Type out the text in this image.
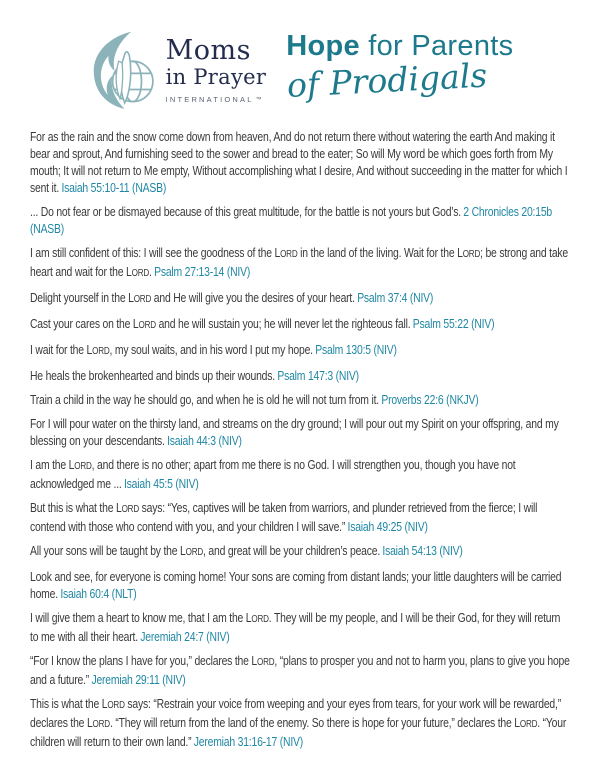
Moms
in Prayer
INTERNATIONAL ™
Hope for Parents
of Prodigals

For as the rain and the snow come down from heaven, And do not return there without watering the earth And making it bear and sprout, And furnishing seed to the sower and bread to the eater; So will My word be which goes forth from My mouth; It will not return to Me empty, Without accomplishing what I desire, And without succeeding in the matter for which I sent it. Isaiah 55:10-11 (NASB)

... Do not fear or be dismayed because of this great multitude, for the battle is not yours but God’s. 2 Chronicles 20:15b (NASB)

I am still confident of this: I will see the goodness of the LORD in the land of the living. Wait for the LORD; be strong and take heart and wait for the LORD. Psalm 27:13-14 (NIV)

Delight yourself in the LORD and He will give you the desires of your heart. Psalm 37:4 (NIV)

Cast your cares on the LORD and he will sustain you; he will never let the righteous fall. Psalm 55:22 (NIV)

I wait for the LORD, my soul waits, and in his word I put my hope. Psalm 130:5 (NIV)

He heals the brokenhearted and binds up their wounds. Psalm 147:3 (NIV)

Train a child in the way he should go, and when he is old he will not turn from it. Proverbs 22:6 (NKJV)

For I will pour water on the thirsty land, and streams on the dry ground; I will pour out my Spirit on your offspring, and my blessing on your descendants. Isaiah 44:3 (NIV)

I am the LORD, and there is no other; apart from me there is no God. I will strengthen you, though you have not acknowledged me ... Isaiah 45:5 (NIV)

But this is what the LORD says: “Yes, captives will be taken from warriors, and plunder retrieved from the fierce; I will contend with those who contend with you, and your children I will save.” Isaiah 49:25 (NIV)

All your sons will be taught by the LORD, and great will be your children’s peace. Isaiah 54:13 (NIV)

Look and see, for everyone is coming home! Your sons are coming from distant lands; your little daughters will be carried home. Isaiah 60:4 (NLT)

I will give them a heart to know me, that I am the LORD. They will be my people, and I will be their God, for they will return to me with all their heart. Jeremiah 24:7 (NIV)

“For I know the plans I have for you,” declares the LORD, “plans to prosper you and not to harm you, plans to give you hope and a future.” Jeremiah 29:11 (NIV)

This is what the LORD says: “Restrain your voice from weeping and your eyes from tears, for your work will be rewarded,” declares the LORD. “They will return from the land of the enemy. So there is hope for your future,” declares the LORD. “Your children will return to their own land.” Jeremiah 31:16-17 (NIV)
